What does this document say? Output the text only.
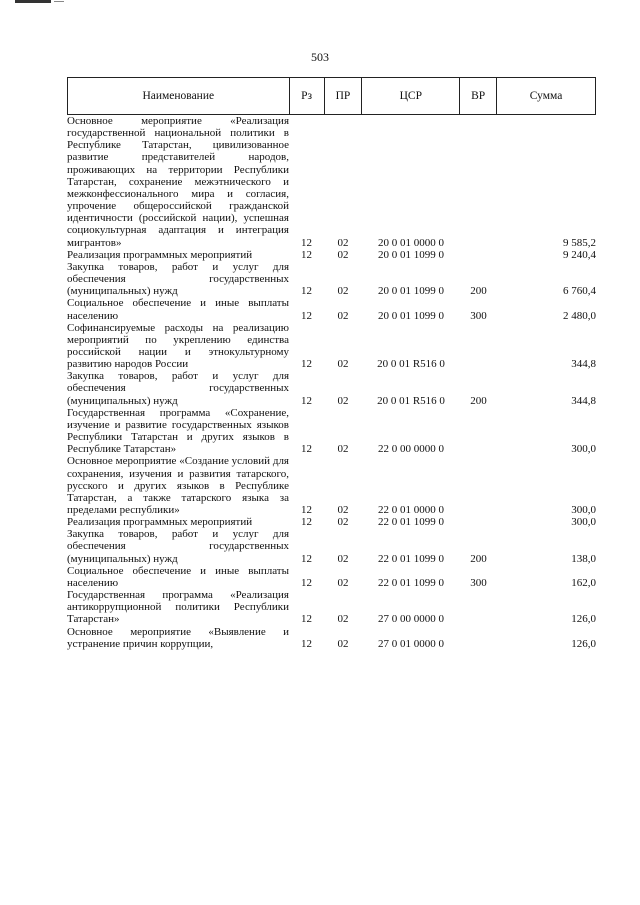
503
Наименование	Рз	ПР	ЦСР	ВР	Сумма
Основное мероприятие «Реализация государственной национальной политики в Республике Татарстан, цивилизованное развитие представителей народов, проживающих на территории Республики Татарстан, сохранение межэтнического и межконфессионального мира и согласия, упрочение общероссийской гражданской идентичности (российской нации), успешная социокультурная адаптация и интеграция мигрантов»	12	02	20 0 01 0000 0		9 585,2
Реализация программных мероприятий	12	02	20 0 01 1099 0		9 240,4
Закупка товаров, работ и услуг для обеспечения государственных (муниципальных) нужд	12	02	20 0 01 1099 0	200	6 760,4
Социальное обеспечение и иные выплаты населению	12	02	20 0 01 1099 0	300	2 480,0
Софинансируемые расходы на реализацию мероприятий по укреплению единства российской нации и этнокультурному развитию народов России	12	02	20 0 01 R516 0		344,8
Закупка товаров, работ и услуг для обеспечения государственных (муниципальных) нужд	12	02	20 0 01 R516 0	200	344,8
Государственная программа «Сохранение, изучение и развитие государственных языков Республики Татарстан и других языков в Республике Татарстан»	12	02	22 0 00 0000 0		300,0
Основное мероприятие «Создание условий для сохранения, изучения и развития татарского, русского и других языков в Республике Татарстан, а также татарского языка за пределами республики»	12	02	22 0 01 0000 0		300,0
Реализация программных мероприятий	12	02	22 0 01 1099 0		300,0
Закупка товаров, работ и услуг для обеспечения государственных (муниципальных) нужд	12	02	22 0 01 1099 0	200	138,0
Социальное обеспечение и иные выплаты населению	12	02	22 0 01 1099 0	300	162,0
Государственная программа «Реализация антикоррупционной политики Республики Татарстан»	12	02	27 0 00 0000 0		126,0
Основное мероприятие «Выявление и устранение причин коррупции,	12	02	27 0 01 0000 0		126,0
